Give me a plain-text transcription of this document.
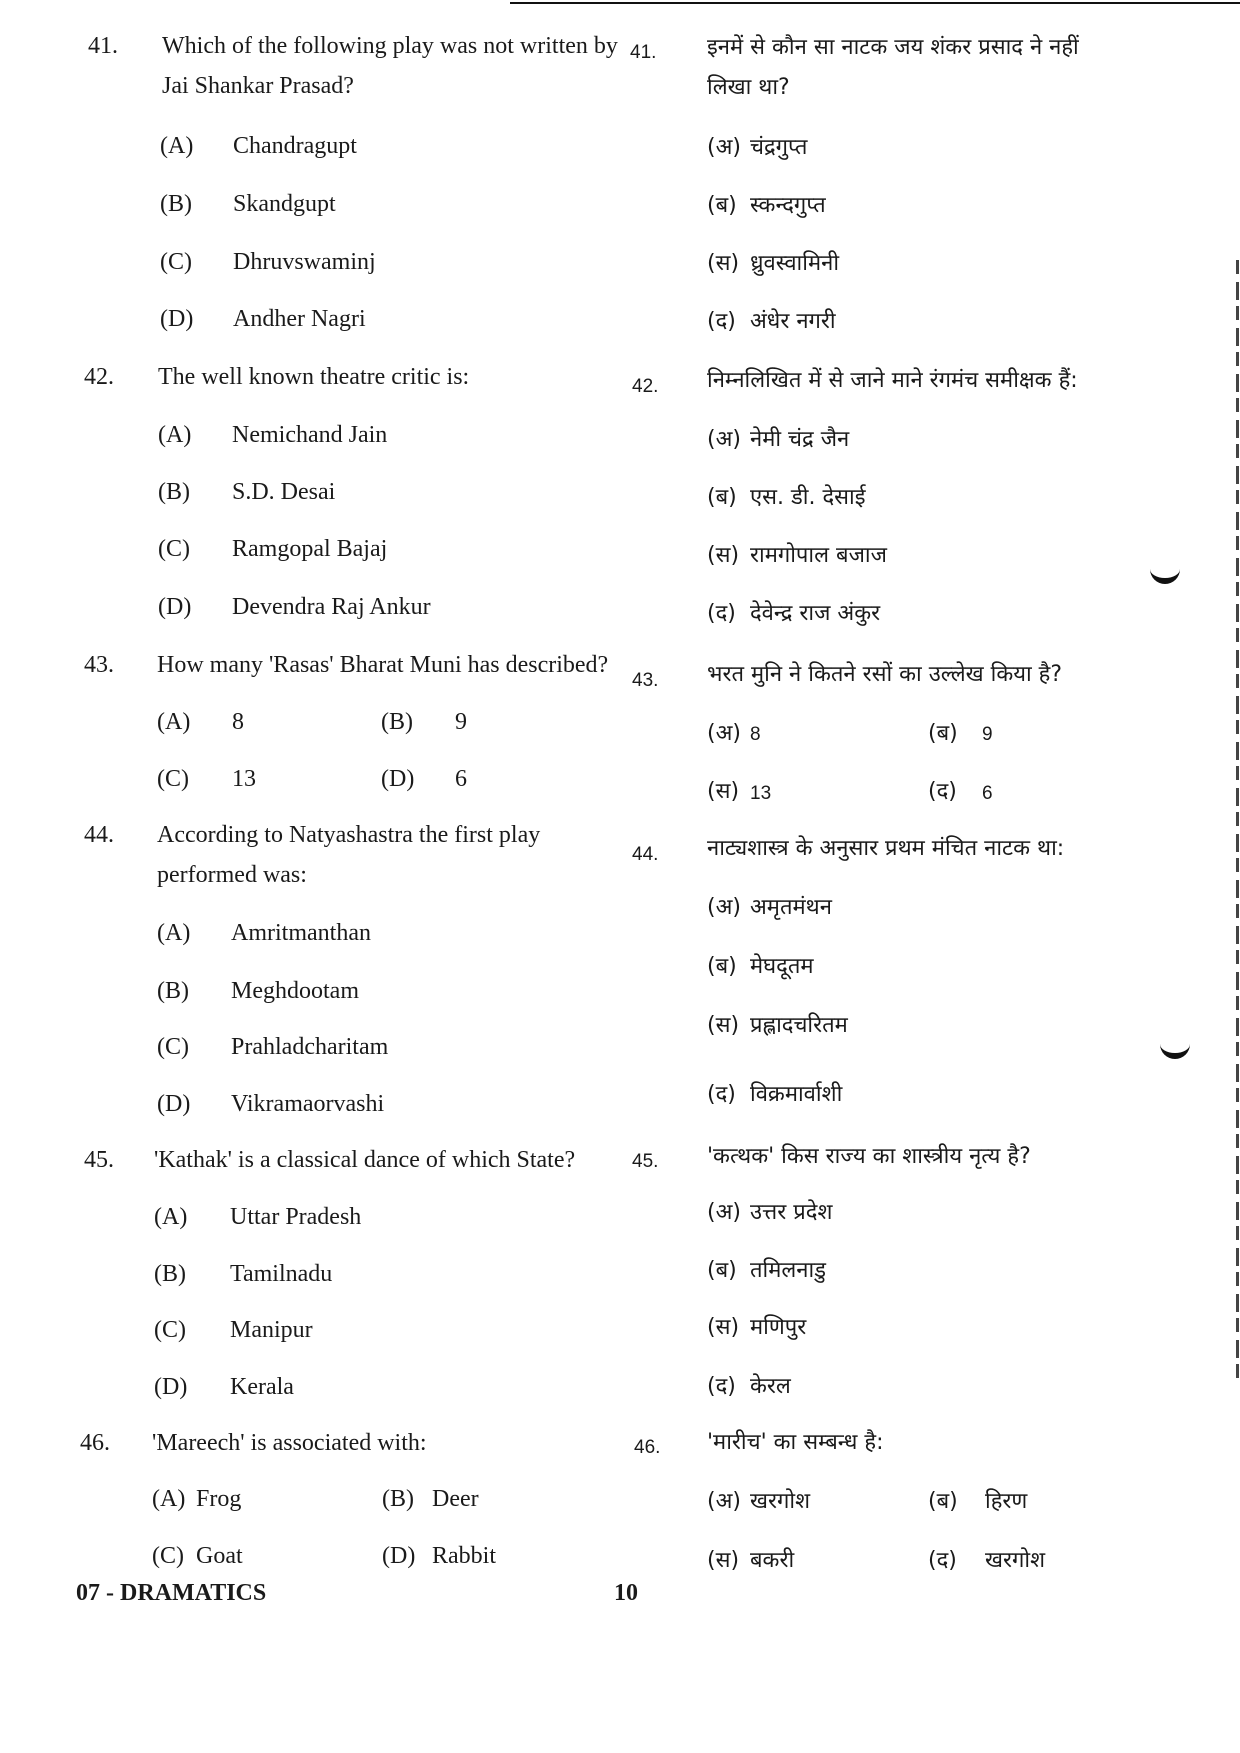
41. Which of the following play was not written by
Jai Shankar Prasad?
(A) Chandragupt
(B) Skandgupt
(C) Dhruvswaminj
(D) Andher Nagri
41. इनमें से कौन सा नाटक जय शंकर प्रसाद ने नहीं
लिखा था?
(अ) चंद्रगुप्त
(ब) स्कन्दगुप्त
(स) ध्रुवस्वामिनी
(द) अंधेर नगरी
42. The well known theatre critic is:
(A) Nemichand Jain
(B) S.D. Desai
(C) Ramgopal Bajaj
(D) Devendra Raj Ankur
42. निम्नलिखित में से जाने माने रंगमंच समीक्षक हैं:
(अ) नेमी चंद्र जैन
(ब) एस. डी. देसाई
(स) रामगोपाल बजाज
(द) देवेन्द्र राज अंकुर
43. How many 'Rasas' Bharat Muni has described?
(A) 8	(B) 9
(C) 13	(D) 6
43. भरत मुनि ने कितने रसों का उल्लेख किया है?
(अ) 8	(ब) 9
(स) 13	(द) 6
44. According to Natyashastra the first play
performed was:
(A) Amritmanthan
(B) Meghdootam
(C) Prahladcharitam
(D) Vikramaorvashi
44. नाट्यशास्त्र के अनुसार प्रथम मंचित नाटक था:
(अ) अमृतमंथन
(ब) मेघदूतम
(स) प्रह्लादचरितम
(द) विक्रमार्वाशी
45. 'Kathak' is a classical dance of which State?
(A) Uttar Pradesh
(B) Tamilnadu
(C) Manipur
(D) Kerala
45. 'कत्थक' किस राज्य का शास्त्रीय नृत्य है?
(अ) उत्तर प्रदेश
(ब) तमिलनाडु
(स) मणिपुर
(द) केरल
46. 'Mareech' is associated with:
(A) Frog	(B) Deer
(C) Goat	(D) Rabbit
46. 'मारीच' का सम्बन्ध है:
(अ) खरगोश	(ब) हिरण
(स) बकरी	(द) खरगोश
07 - DRAMATICS	10
